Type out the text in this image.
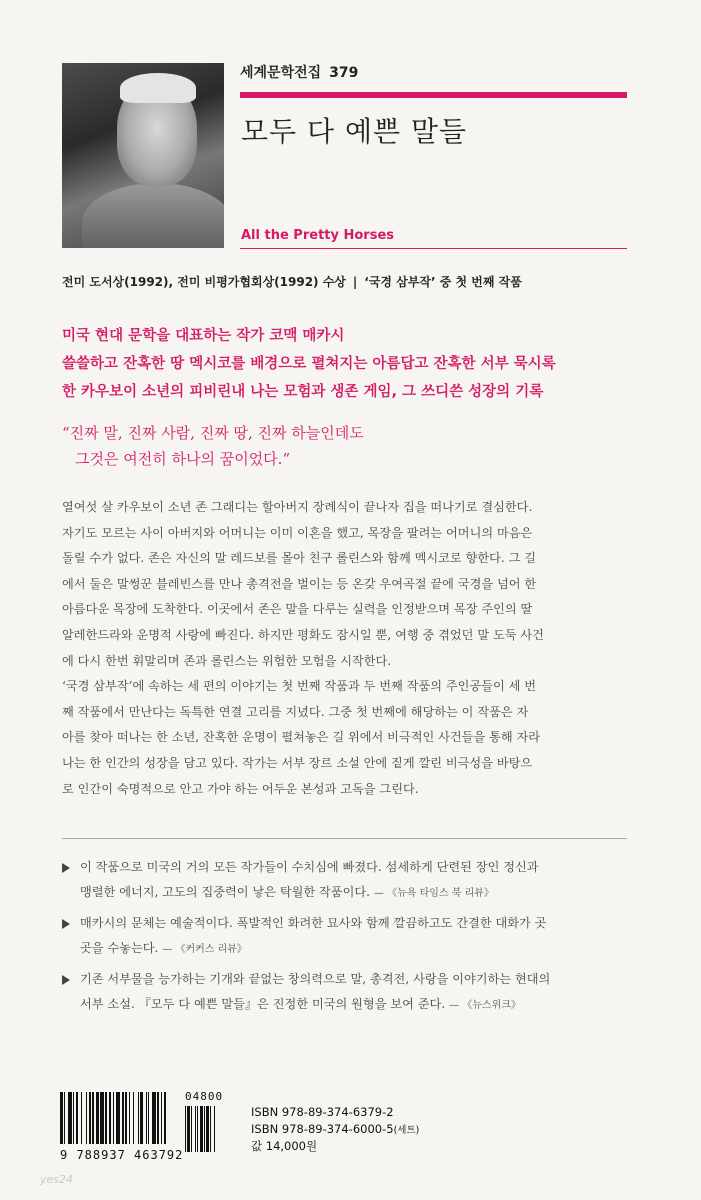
세계문학전집 379
모두 다 예쁜 말들
All the Pretty Horses
전미 도서상(1992), 전미 비평가협회상(1992) 수상 | ‘국경 삼부작’ 중 첫 번째 작품
미국 현대 문학을 대표하는 작가 코맥 매카시
쓸쓸하고 잔혹한 땅 멕시코를 배경으로 펼쳐지는 아름답고 잔혹한 서부 묵시록
한 카우보이 소년의 피비린내 나는 모험과 생존 게임, 그 쓰디쓴 성장의 기록
“진짜 말, 진짜 사람, 진짜 땅, 진짜 하늘인데도
그것은 여전히 하나의 꿈이었다.”
열여섯 살 카우보이 소년 존 그래디는 할아버지 장례식이 끝나자 집을 떠나기로 결심한다.
자기도 모르는 사이 아버지와 어머니는 이미 이혼을 했고, 목장을 팔려는 어머니의 마음은
돌릴 수가 없다. 존은 자신의 말 레드보를 몰아 친구 롤린스와 함께 멕시코로 향한다. 그 길
에서 둘은 말썽꾼 블레빈스를 만나 총격전을 벌이는 등 온갖 우여곡절 끝에 국경을 넘어 한
아름다운 목장에 도착한다. 이곳에서 존은 말을 다루는 실력을 인정받으며 목장 주인의 딸
알레한드라와 운명적 사랑에 빠진다. 하지만 평화도 잠시일 뿐, 여행 중 겪었던 말 도둑 사건
에 다시 한번 휘말리며 존과 롤린스는 위험한 모험을 시작한다.
‘국경 삼부작’에 속하는 세 편의 이야기는 첫 번째 작품과 두 번째 작품의 주인공들이 세 번
째 작품에서 만난다는 독특한 연결 고리를 지녔다. 그중 첫 번째에 해당하는 이 작품은 자
아를 찾아 떠나는 한 소년, 잔혹한 운명이 펼쳐놓은 길 위에서 비극적인 사건들을 통해 자라
나는 한 인간의 성장을 담고 있다. 작가는 서부 장르 소설 안에 짙게 깔린 비극성을 바탕으
로 인간이 숙명적으로 안고 가야 하는 어두운 본성과 고독을 그린다.
이 작품으로 미국의 거의 모든 작가들이 수치심에 빠졌다. 섬세하게 단련된 장인 정신과
맹렬한 에너지, 고도의 집중력이 낳은 탁월한 작품이다. — 《뉴욕 타임스 북 리뷰》
매카시의 문체는 예술적이다. 폭발적인 화려한 묘사와 함께 깔끔하고도 간결한 대화가 곳
곳을 수놓는다. — 《커커스 리뷰》
기존 서부물을 능가하는 기개와 끝없는 창의력으로 말, 총격전, 사랑을 이야기하는 현대의
서부 소설. 『모두 다 예쁜 말들』은 진정한 미국의 원형을 보여 준다. — 《뉴스위크》
04800
9 788937 463792
ISBN 978-89-374-6379-2
ISBN 978-89-374-6000-5(세트)
값 14,000원
yes24
